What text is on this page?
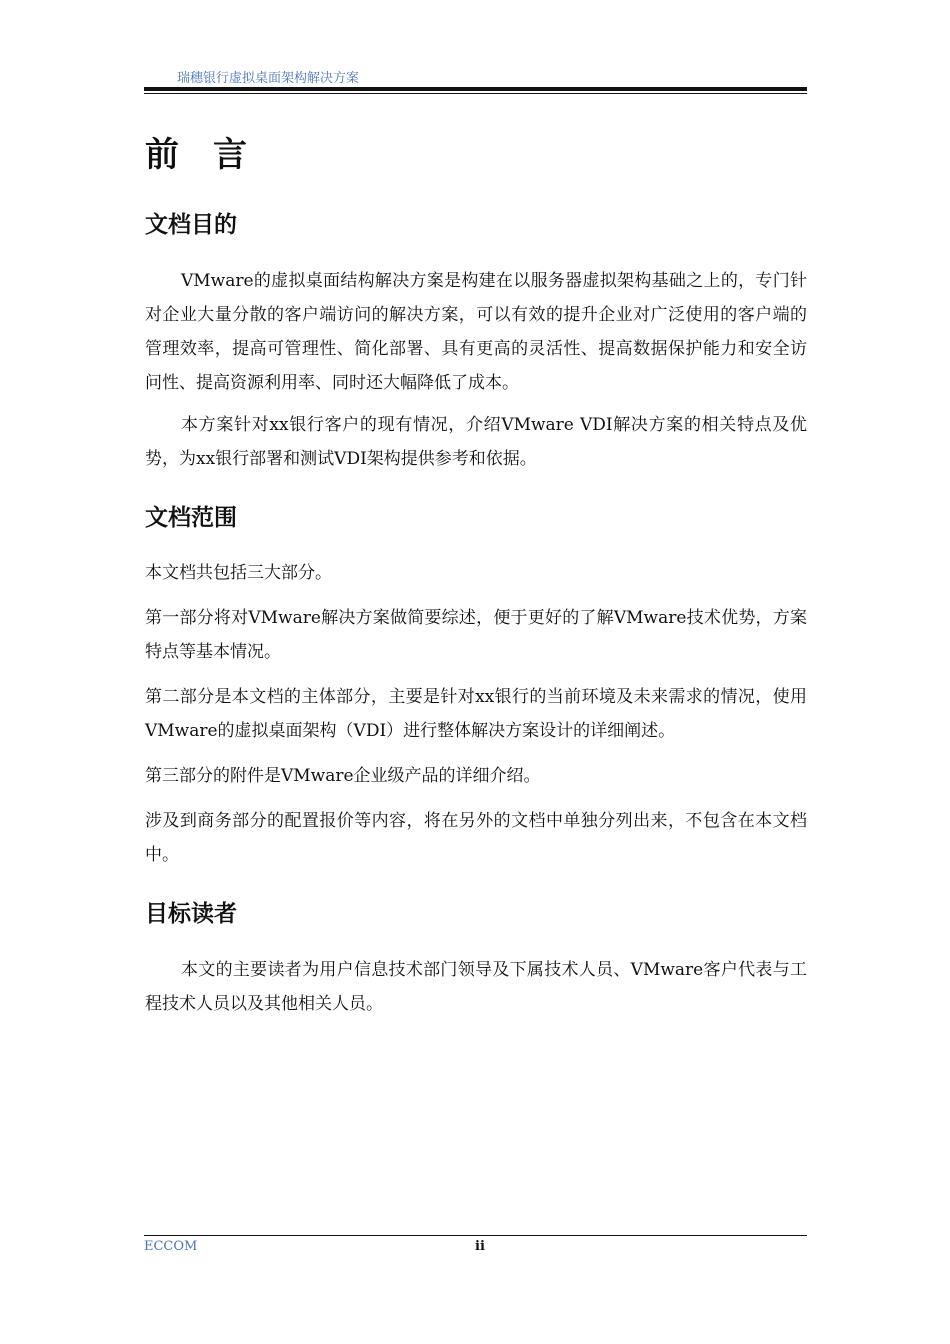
瑞穗银行虚拟桌面架构解决方案
前言
文档目的

VMware的虚拟桌面结构解决方案是构建在以服务器虚拟架构基础之上的，专门针对企业大量分散的客户端访问的解决方案，可以有效的提升企业对广泛使用的客户端的管理效率，提高可管理性、简化部署、具有更高的灵活性、提高数据保护能力和安全访问性、提高资源利用率、同时还大幅降低了成本。

本方案针对xx银行客户的现有情况，介绍VMware VDI解决方案的相关特点及优势，为xx银行部署和测试VDI架构提供参考和依据。

文档范围

本文档共包括三大部分。

第一部分将对VMware解决方案做简要综述，便于更好的了解VMware技术优势，方案特点等基本情况。

第二部分是本文档的主体部分，主要是针对xx银行的当前环境及未来需求的情况，使用VMware的虚拟桌面架构（VDI）进行整体解决方案设计的详细阐述。

第三部分的附件是VMware企业级产品的详细介绍。

涉及到商务部分的配置报价等内容，将在另外的文档中单独分列出来，不包含在本文档中。

目标读者

本文的主要读者为用户信息技术部门领导及下属技术人员、VMware客户代表与工程技术人员以及其他相关人员。

ECCOM	ii
